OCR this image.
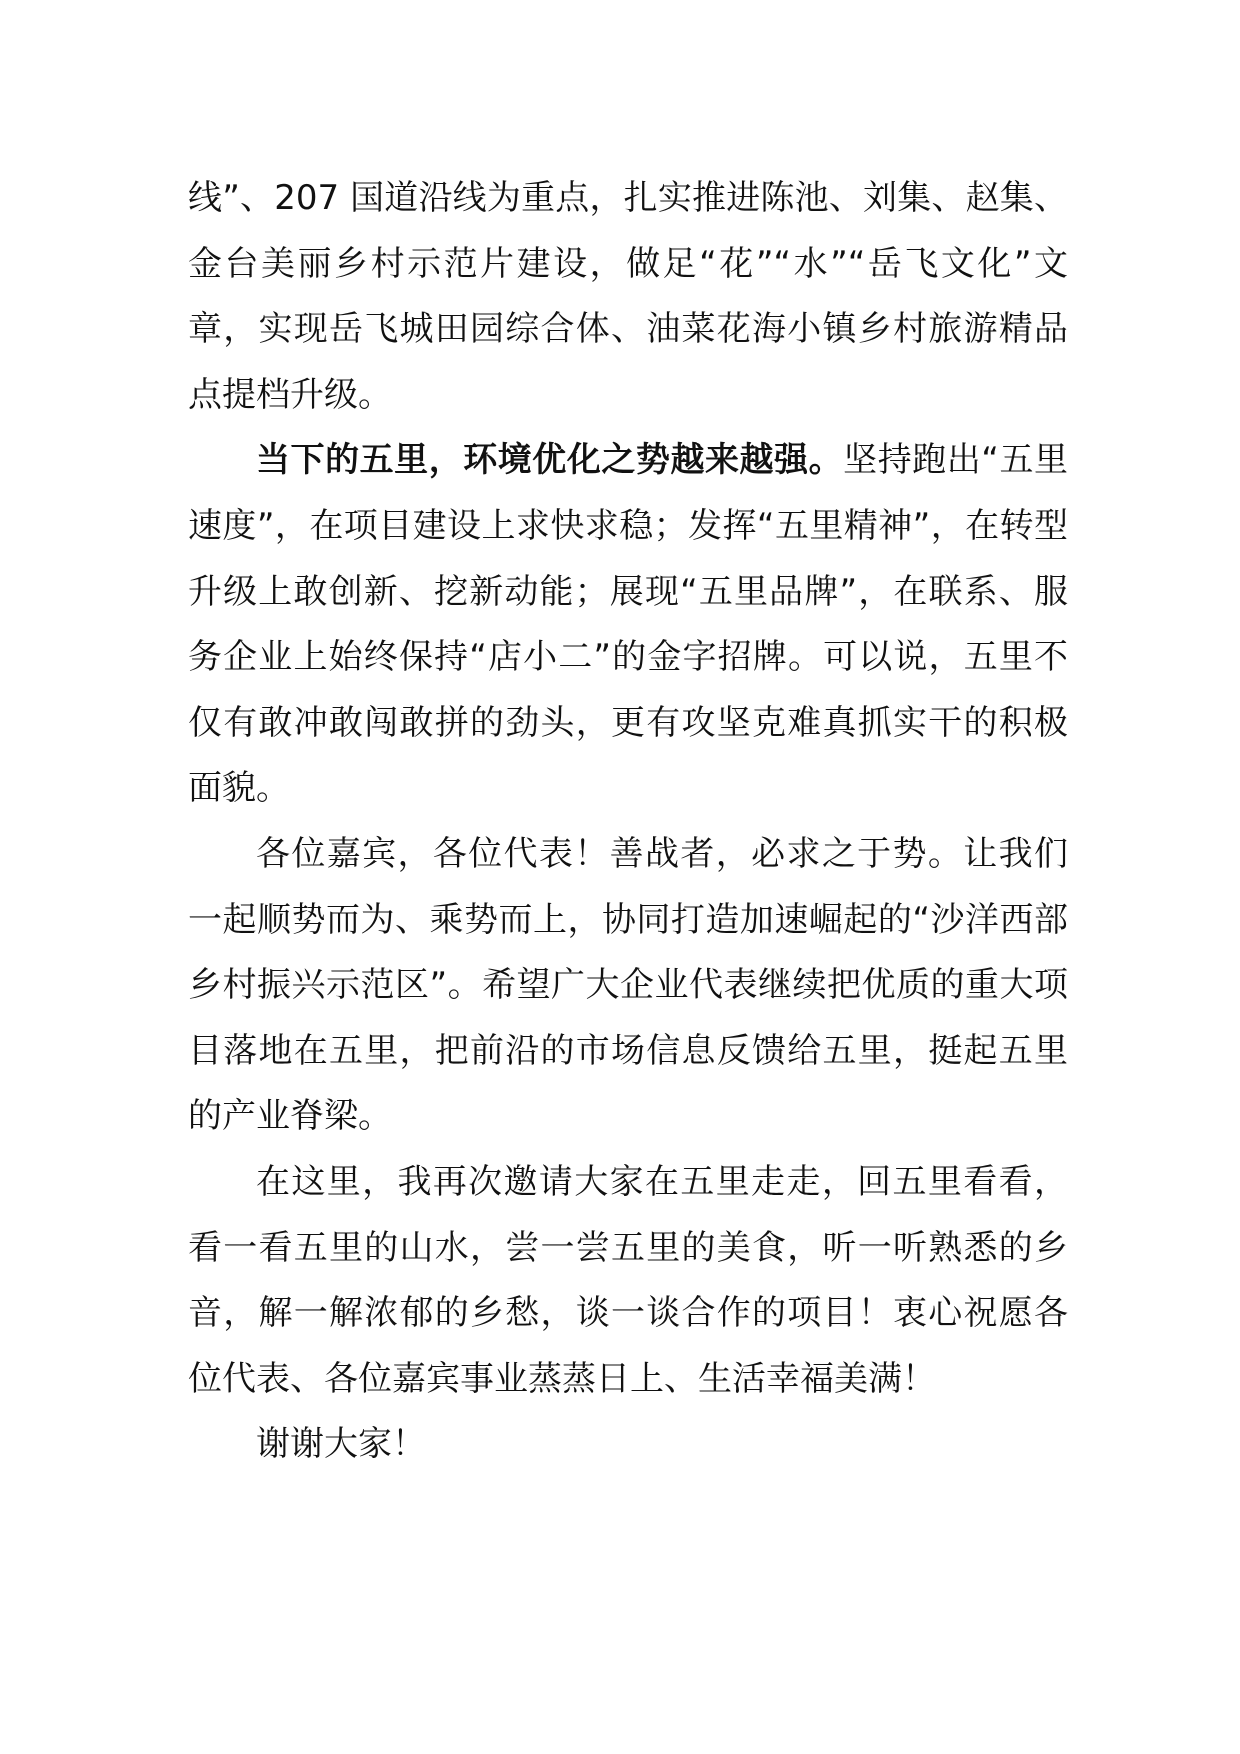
线”、207 国道沿线为重点，扎实推进陈池、刘集、赵集、金台美丽乡村示范片建设，做足“花”“水”“岳飞文化”文章，实现岳飞城田园综合体、油菜花海小镇乡村旅游精品点提档升级。

当下的五里，环境优化之势越来越强。坚持跑出“五里速度”，在项目建设上求快求稳；发挥“五里精神”，在转型升级上敢创新、挖新动能；展现“五里品牌”，在联系、服务企业上始终保持“店小二”的金字招牌。可以说，五里不仅有敢冲敢闯敢拼的劲头，更有攻坚克难真抓实干的积极面貌。

各位嘉宾，各位代表！善战者，必求之于势。让我们一起顺势而为、乘势而上，协同打造加速崛起的“沙洋西部乡村振兴示范区”。希望广大企业代表继续把优质的重大项目落地在五里，把前沿的市场信息反馈给五里，挺起五里的产业脊梁。

在这里，我再次邀请大家在五里走走，回五里看看，看一看五里的山水，尝一尝五里的美食，听一听熟悉的乡音，解一解浓郁的乡愁，谈一谈合作的项目！衷心祝愿各位代表、各位嘉宾事业蒸蒸日上、生活幸福美满！

谢谢大家！
